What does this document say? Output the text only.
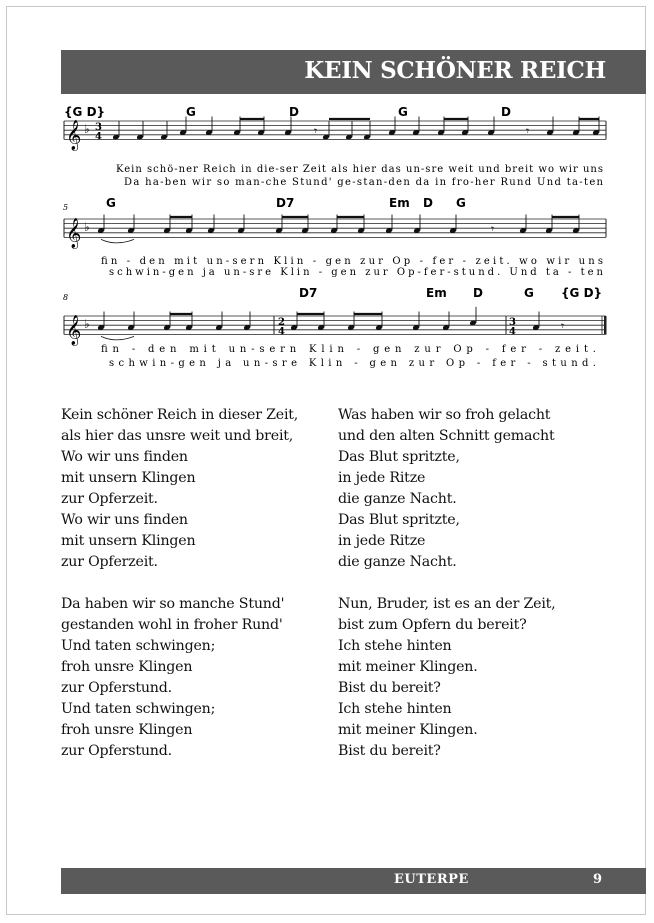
KEIN SCHÖNER REICH
𝄞 ♭	𝄾	𝄾
{G D}	G	D	G	D
Kein schö-ner Reich in die-ser Zeit als hier das un-sre weit und breit wo wir uns
Da ha-ben wir so man-che Stund' ge-stan-den da in fro-her Rund Und ta-ten
𝄞 ♭	𝄾
G	D7	Em D G
fin - den mit un-sern Klin - gen zur Op - fer - zeit. wo wir uns
schwin-gen ja un-sre Klin - gen zur Op-fer-stund. Und ta - ten
𝄞 ♭	𝄾
D7	Em D	G {G D}
fin - den mit un-sern Klin - gen zur Op - fer - zeit.
schwin-gen ja un-sre Klin - gen zur Op - fer - stund.
3
4
2
4
3
4
5
8
Kein schöner Reich in dieser Zeit,
als hier das unsre weit und breit,
Wo wir uns finden
mit unsern Klingen
zur Opferzeit.
Wo wir uns finden
mit unsern Klingen
zur Opferzeit.
Da haben wir so manche Stund'
gestanden wohl in froher Rund'
Und taten schwingen;
froh unsre Klingen
zur Opferstund.
Und taten schwingen;
froh unsre Klingen
zur Opferstund.
Was haben wir so froh gelacht
und den alten Schnitt gemacht
Das Blut spritzte,
in jede Ritze
die ganze Nacht.
Das Blut spritzte,
in jede Ritze
die ganze Nacht.
Nun, Bruder, ist es an der Zeit,
bist zum Opfern du bereit?
Ich stehe hinten
mit meiner Klingen.
Bist du bereit?
Ich stehe hinten
mit meiner Klingen.
Bist du bereit?
EUTERPE	9
